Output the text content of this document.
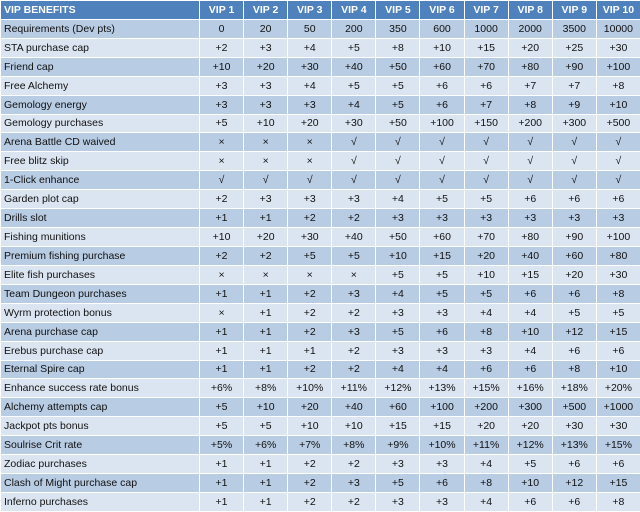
VIP BENEFITS	VIP 1	VIP 2	VIP 3	VIP 4	VIP 5	VIP 6	VIP 7	VIP 8	VIP 9	VIP 10
Requirements (Dev pts)	0	20	50	200	350	600	1000	2000	3500	10000
STA purchase cap	+2	+3	+4	+5	+8	+10	+15	+20	+25	+30
Friend cap	+10	+20	+30	+40	+50	+60	+70	+80	+90	+100
Free Alchemy	+3	+3	+4	+5	+5	+6	+6	+7	+7	+8
Gemology energy	+3	+3	+3	+4	+5	+6	+7	+8	+9	+10
Gemology purchases	+5	+10	+20	+30	+50	+100	+150	+200	+300	+500
Arena Battle CD waived	×	×	×	√	√	√	√	√	√	√
Free blitz skip	×	×	×	√	√	√	√	√	√	√
1-Click enhance	√	√	√	√	√	√	√	√	√	√
Garden plot cap	+2	+3	+3	+3	+4	+5	+5	+6	+6	+6
Drills slot	+1	+1	+2	+2	+3	+3	+3	+3	+3	+3
Fishing munitions	+10	+20	+30	+40	+50	+60	+70	+80	+90	+100
Premium fishing purchase	+2	+2	+5	+5	+10	+15	+20	+40	+60	+80
Elite fish purchases	×	×	×	×	+5	+5	+10	+15	+20	+30
Team Dungeon purchases	+1	+1	+2	+3	+4	+5	+5	+6	+6	+8
Wyrm protection bonus	×	+1	+2	+2	+3	+3	+4	+4	+5	+5
Arena purchase cap	+1	+1	+2	+3	+5	+6	+8	+10	+12	+15
Erebus purchase cap	+1	+1	+1	+2	+3	+3	+3	+4	+6	+6
Eternal Spire cap	+1	+1	+2	+2	+4	+4	+6	+6	+8	+10
Enhance success rate bonus	+6%	+8%	+10%	+11%	+12%	+13%	+15%	+16%	+18%	+20%
Alchemy attempts cap	+5	+10	+20	+40	+60	+100	+200	+300	+500	+1000
Jackpot pts bonus	+5	+5	+10	+10	+15	+15	+20	+20	+30	+30
Soulrise Crit rate	+5%	+6%	+7%	+8%	+9%	+10%	+11%	+12%	+13%	+15%
Zodiac purchases	+1	+1	+2	+2	+3	+3	+4	+5	+6	+6
Clash of Might purchase cap	+1	+1	+2	+3	+5	+6	+8	+10	+12	+15
Inferno purchases	+1	+1	+2	+2	+3	+3	+4	+6	+6	+8
